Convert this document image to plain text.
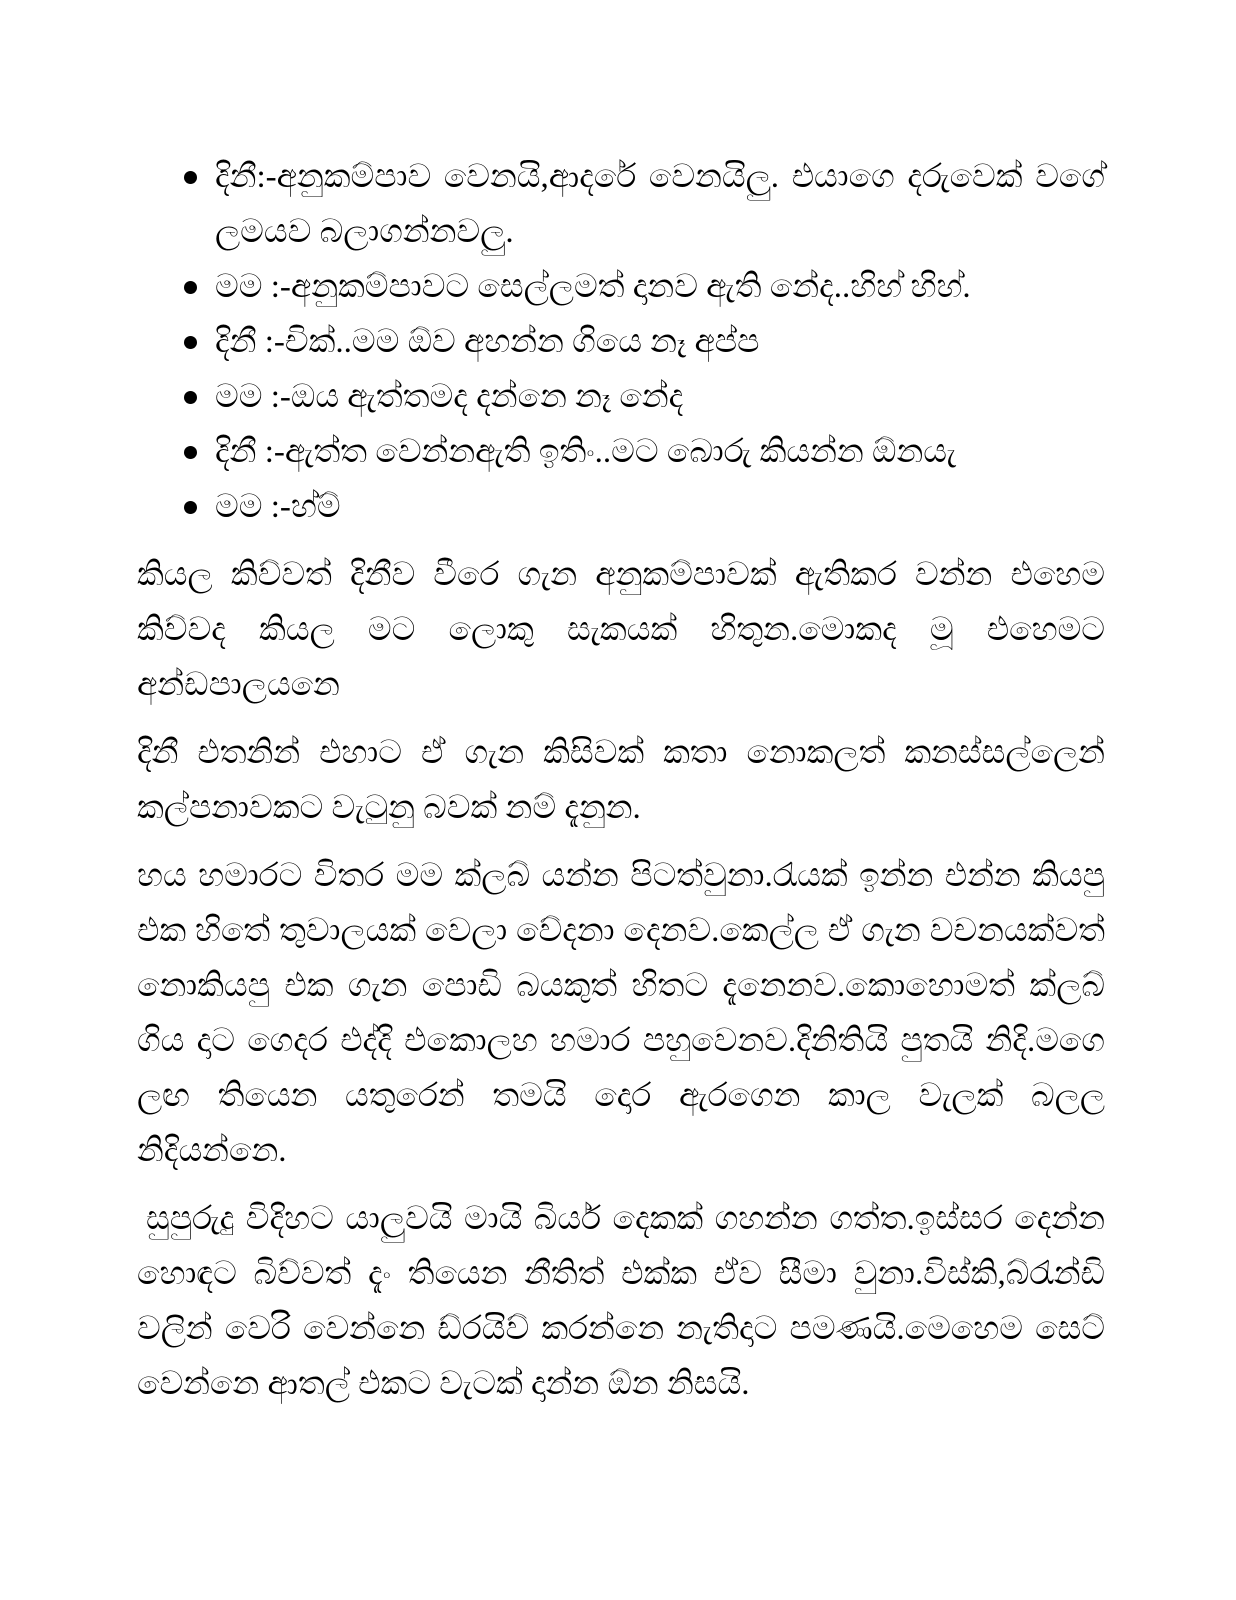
දිනී:-අනුකම්පාව වෙනයි,ආදරේ වෙනයිලු. එයාගෙ දරුවෙක් වගේ ලමයව බලාගන්නවලු.
මම :-අනුකම්පාවට සෙල්ලමත් දානව ඇති නේද..හිහ් හිහ්.
දිනී :-චික්..මම ඕව අහන්න ගියෙ නෑ අප්ප
මම :-ඔය ඇත්තමද දන්නෙ නෑ නේද
දිනී :-ඇත්ත වෙන්නඇති ඉතිං..මට බොරු කියන්න ඕනයැ
මම :-හ්ම්

කියල කිව්වත් දිනීව වීරෙ ගැන අනුකම්පාවක් ඇතිකර වන්න එහෙම කිව්වද කියල මට ලොකු සැකයක් හිතුන.මොකද මූ එහෙමට අන්ඩපාලයනෙ

දිනී එතනින් එහාට ඒ ගැන කිසිවක් කතා නොකලත් කනස්සල්ලෙන් කල්පනාවකට වැටුනු බවක් නම් දැනුන.

හය හමාරට විතර මම ක්ලබ් යන්න පිටත්වුනා.රැයක් ඉන්න එන්න කියපු එක හිතේ තුවාලයක් වෙලා වේදනා දෙනව.කෙල්ල ඒ ගැන වචනයක්වත් නොකියපු එක ගැන පොඩි බයකුත් හිතට දැනෙනව.කොහොමත් ක්ලබ් ගිය දාට ගෙදර එද්දි එකොලහ හමාර පහුවෙනව.දිනිතියි පුතයි නිදි.මගෙ ලඟ තියෙන යතුරෙන් තමයි දොර ඇරගෙන කාල වැලක් බලල නිදියන්නෙ.

සුපුරුදු විදිහට යාලුවයි මායි බියර් දෙකක් ගහන්න ගත්ත.ඉස්සර දෙන්න හොඳට බිව්වත් දැං තියෙන නීතිත් එක්ක ඒව සීමා වුනා.විස්කි,බ්රැන්ඩි වලින් වෙරි වෙන්නෙ ඩ්රයිව් කරන්නෙ නැතිදාට පමණයි.මෙහෙම සෙට් වෙන්නෙ ආතල් එකට වැටක් දාන්න ඕන නිසයි.
